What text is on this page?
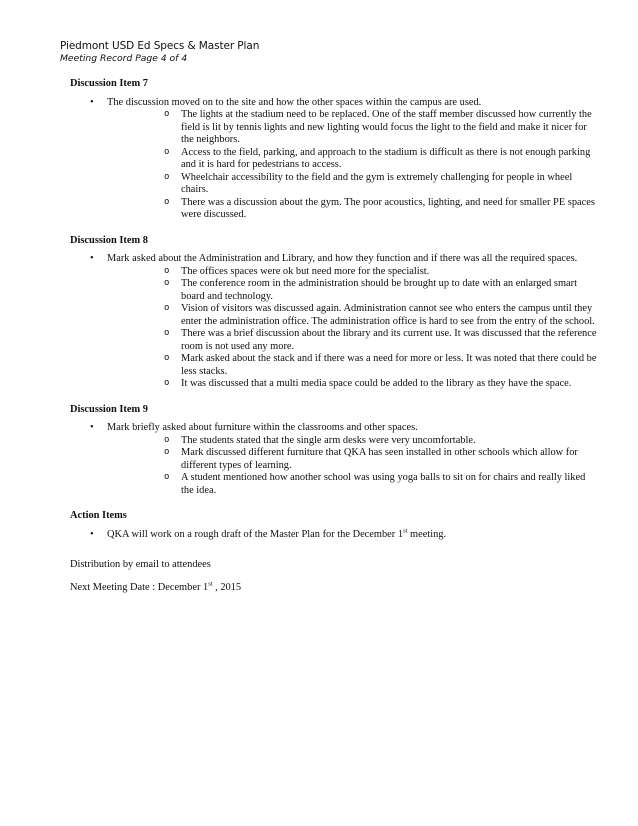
Piedmont USD Ed Specs & Master Plan
Meeting Record Page 4 of 4
Discussion Item 7
• The discussion moved on to the site and how the other spaces within the campus are used.
o The lights at the stadium need to be replaced. One of the staff member discussed how currently the field is lit by tennis lights and new lighting would focus the light to the field and make it nicer for the neighbors.
o Access to the field, parking, and approach to the stadium is difficult as there is not enough parking and it is hard for pedestrians to access.
o Wheelchair accessibility to the field and the gym is extremely challenging for people in wheel chairs.
o There was a discussion about the gym. The poor acoustics, lighting, and need for smaller PE spaces were discussed.
Discussion Item 8
• Mark asked about the Administration and Library, and how they function and if there was all the required spaces.
o The offices spaces were ok but need more for the specialist.
o The conference room in the administration should be brought up to date with an enlarged smart board and technology.
o Vision of visitors was discussed again. Administration cannot see who enters the campus until they enter the administration office. The administration office is hard to see from the entry of the school.
o There was a brief discussion about the library and its current use. It was discussed that the reference room is not used any more.
o Mark asked about the stack and if there was a need for more or less. It was noted that there could be less stacks.
o It was discussed that a multi media space could be added to the library as they have the space.
Discussion Item 9
• Mark briefly asked about furniture within the classrooms and other spaces.
o The students stated that the single arm desks were very uncomfortable.
o Mark discussed different furniture that QKA has seen installed in other schools which allow for different types of learning.
o A student mentioned how another school was using yoga balls to sit on for chairs and really liked the idea.
Action Items
• QKA will work on a rough draft of the Master Plan for the December 1st meeting.
Distribution by email to attendees
Next Meeting Date : December 1st , 2015
